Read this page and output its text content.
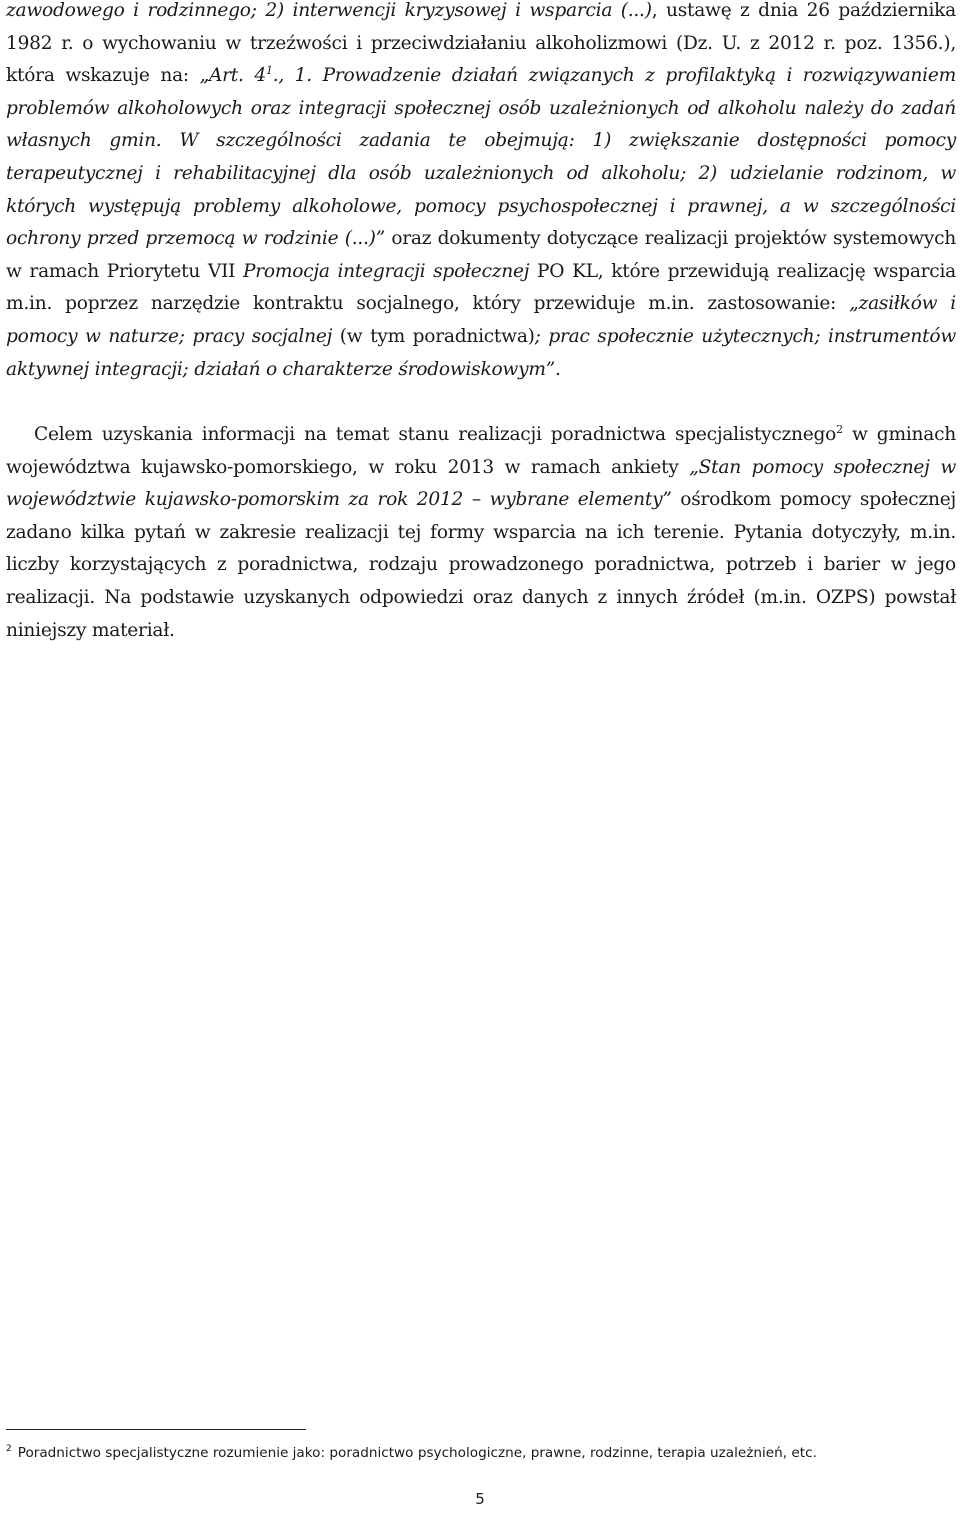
zawodowego i rodzinnego; 2) interwencji kryzysowej i wsparcia (...), ustawę z dnia 26 października 1982 r. o wychowaniu w trzeźwości i przeciwdziałaniu alkoholizmowi (Dz. U. z 2012 r. poz. 1356.), która wskazuje na: „Art. $4^1$., 1. Prowadzenie działań związanych z profilaktyką i rozwiązywaniem problemów alkoholowych oraz integracji społecznej osób uzależnionych od alkoholu należy do zadań własnych gmin. W szczególności zadania te obejmują: 1) zwiększanie dostępności pomocy terapeutycznej i rehabilitacyjnej dla osób uzależnionych od alkoholu; 2) udzielanie rodzinom, w których występują problemy alkoholowe, pomocy psychospołecznej i prawnej, a w szczególności ochrony przed przemocą w rodzinie (...)” oraz dokumenty dotyczące realizacji projektów systemowych w ramach Priorytetu VII Promocja integracji społecznej PO KL, które przewidują realizację wsparcia m.in. poprzez narzędzie kontraktu socjalnego, który przewiduje m.in. zastosowanie: „zasiłków i pomocy w naturze; pracy socjalnej (w tym poradnictwa); prac społecznie użytecznych; instrumentów aktywnej integracji; działań o charakterze środowiskowym”.

Celem uzyskania informacji na temat stanu realizacji poradnictwa specjalistycznego$^2$ w gminach województwa kujawsko-pomorskiego, w roku 2013 w ramach ankiety „Stan pomocy społecznej w województwie kujawsko-pomorskim za rok 2012 – wybrane elementy” ośrodkom pomocy społecznej zadano kilka pytań w zakresie realizacji tej formy wsparcia na ich terenie. Pytania dotyczyły, m.in. liczby korzystających z poradnictwa, rodzaju prowadzonego poradnictwa, potrzeb i barier w jego realizacji. Na podstawie uzyskanych odpowiedzi oraz danych z innych źródeł (m.in. OZPS) powstał niniejszy materiał.

$^2$ Poradnictwo specjalistyczne rozumienie jako: poradnictwo psychologiczne, prawne, rodzinne, terapia uzależnień, etc.
5
